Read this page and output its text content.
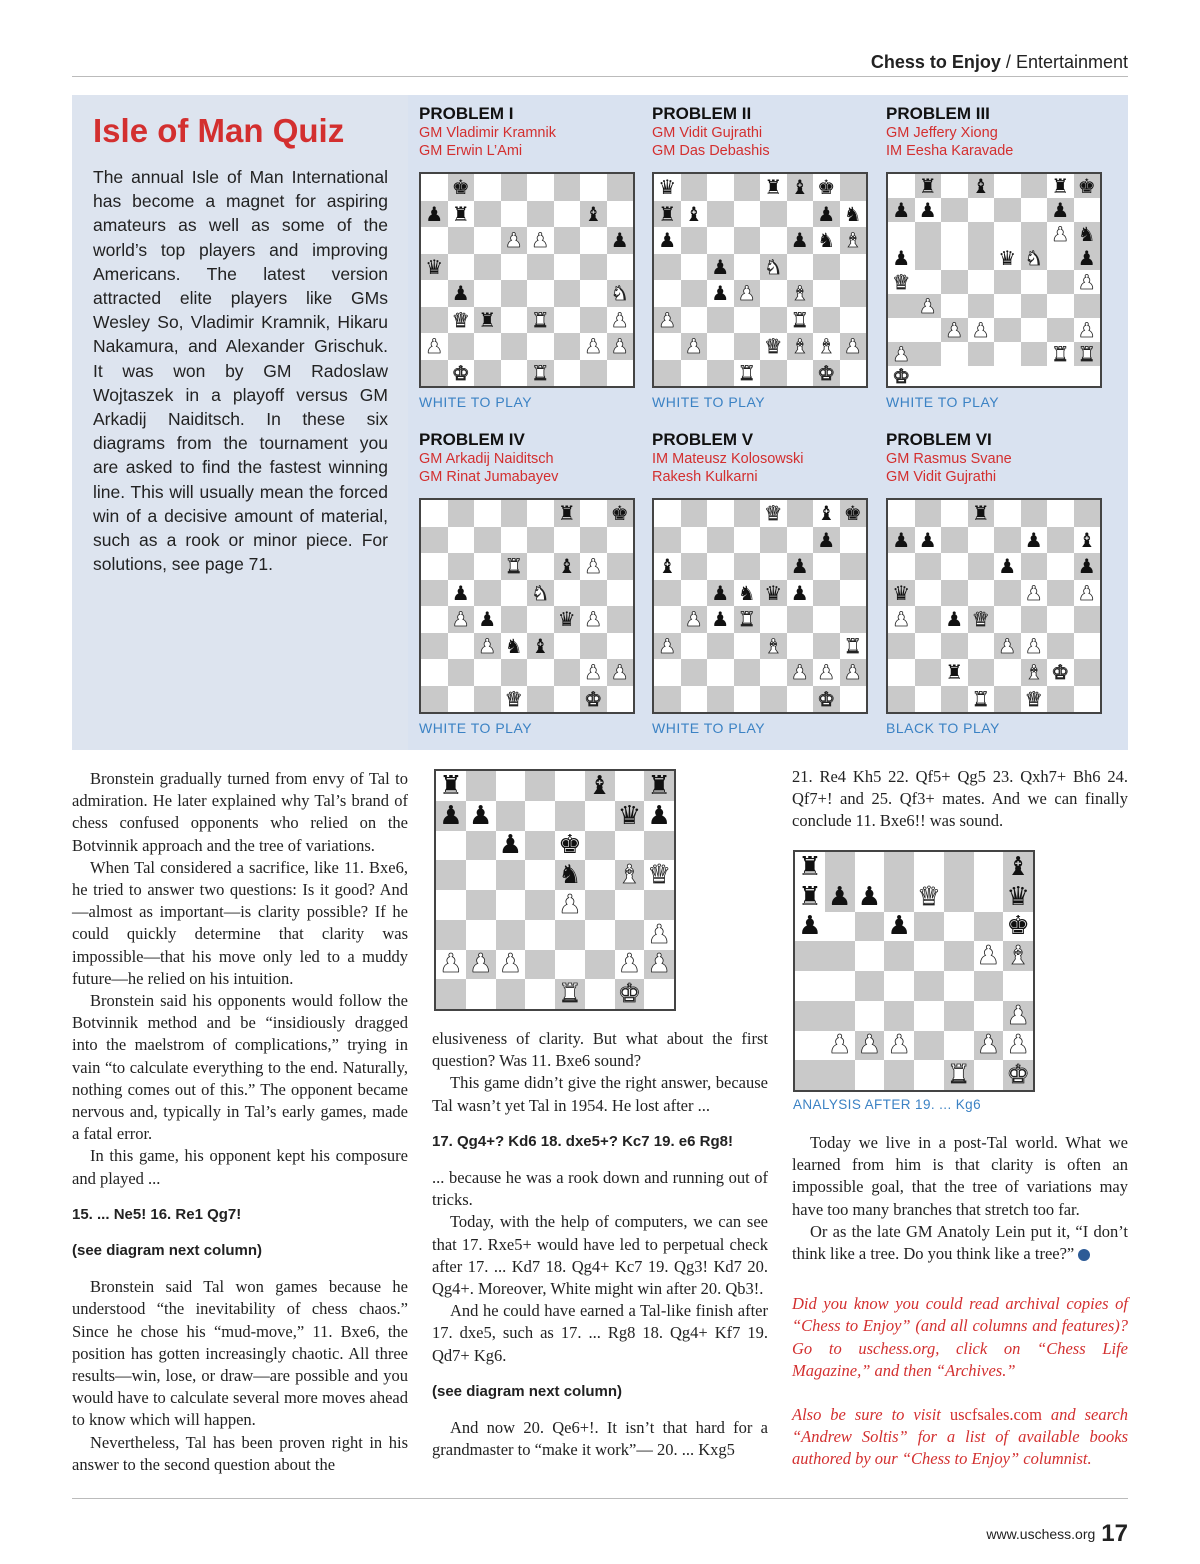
Chess to Enjoy / Entertainment
Isle of Man Quiz

The annual Isle of Man International has become a magnet for aspiring amateurs as well as some of the world’s top players and improving Americans. The latest version attracted elite players like GMs Wesley So, Vladimir Kramnik, Hikaru Nakamura, and Alexander Grischuk. It was won by GM Radoslaw Wojtaszek in a playoff versus GM Arkadij Naiditsch. In these six diagrams from the tournament you are asked to find the fastest winning line. This will usually mean the forced win of a decisive amount of material, such as a rook or minor piece. For solutions, see page 71.

PROBLEM I
GM Vladimir Kramnik
GM Erwin L’Ami
♚
♟ ♜	♝
♟ ♟	♟
♛
♟	♞
♛ ♜ ♜	♟
♟	♟ ♟
♚	♜
WHITE TO PLAY
PROBLEM II
GM Vidit Gujrathi
GM Das Debashis
♛	♜ ♝ ♚
♜ ♝	♟ ♞
♟	♟ ♞ ♝
♟ ♞
♟ ♟ ♝
♟	♜
♟	♛ ♝ ♝ ♟
♜	♚
WHITE TO PLAY
PROBLEM III
GM Jeffery Xiong
IM Eesha Karavade
♜ ♝	♜ ♚
♟ ♟	♟
♟ ♞
♟	♛ ♞ ♟
♛	♟
♟
♟ ♟	♟
♟	♜ ♜
♚
WHITE TO PLAY
PROBLEM IV
GM Arkadij Naiditsch
GM Rinat Jumabayev
♜ ♚
♜ ♝ ♟
♟	♞
♟ ♟	♛ ♟
♟ ♞ ♝
♟ ♟
♛	♚
WHITE TO PLAY
PROBLEM V
IM Mateusz Kolosowski
Rakesh Kulkarni
♛ ♝ ♚
♟
♝	♟
♟ ♞ ♛ ♟
♟ ♟ ♜
♟	♝	♜
♟ ♟ ♟
♚
WHITE TO PLAY
PROBLEM VI
GM Rasmus Svane
GM Vidit Gujrathi
♜
♟ ♟	♟ ♝
♟	♟
♛	♟ ♟
♟ ♟ ♛
♟ ♟
♜	♝ ♚
♜ ♛
BLACK TO PLAY

Bronstein gradually turned from envy of Tal to admiration. He later explained why Tal’s brand of chess confused opponents who relied on the Botvinnik approach and the tree of variations.

When Tal considered a sacrifice, like 11. Bxe6, he tried to answer two questions: Is it good? And—almost as important—is clarity possible? If he could quickly determine that clarity was impossible—that his move only led to a muddy future—he relied on his intuition.

Bronstein said his opponents would follow the Botvinnik method and be “insidiously dragged into the maelstrom of complications,” trying in vain “to calculate everything to the end. Naturally, nothing comes out of this.” The opponent became nervous and, typically in Tal’s early games, made a fatal error.

In this game, his opponent kept his composure and played ...

15. ... Ne5! 16. Re1 Qg7!

(see diagram next column)

Bronstein said Tal won games because he understood “the inevitability of chess chaos.” Since he chose his “mud-move,” 11. Bxe6, the position has gotten increasingly chaotic. All three results—win, lose, or draw—are possible and you would have to calculate several more moves ahead to know which will happen.

Nevertheless, Tal has been proven right in his answer to the second question about the

♜	♝ ♜
♟ ♟	♛ ♟
♟ ♚
♞ ♝ ♛
♟
♟
♟ ♟ ♟	♟ ♟
♜ ♚

elusiveness of clarity. But what about the first question? Was 11. Bxe6 sound?

This game didn’t give the right answer, because Tal wasn’t yet Tal in 1954. He lost after ...

17. Qg4+? Kd6 18. dxe5+? Kc7 19. e6 Rg8!

... because he was a rook down and running out of tricks.

Today, with the help of computers, we can see that 17. Rxe5+ would have led to perpetual check after 17. ... Kd7 18. Qg4+ Kc7 19. Qg3! Kd7 20. Qg4+. Moreover, White might win after 20. Qb3!.

And he could have earned a Tal-like finish after 17. dxe5, such as 17. ... Rg8 18. Qg4+ Kf7 19. Qd7+ Kg6.

(see diagram next column)

And now 20. Qe6+!. It isn’t that hard for a grandmaster to “make it work”— 20. ... Kxg5

21. Re4 Kh5 22. Qf5+ Qg5 23. Qxh7+ Bh6 24. Qf7+! and 25. Qf3+ mates. And we can finally conclude 11. Bxe6!! was sound.

♜	♝
♜ ♟ ♟ ♛	♛
♟	♟	♚
♟ ♝
♟
♟ ♟ ♟	♟ ♟
♜ ♚
ANALYSIS AFTER 19. ... Kg6

Today we live in a post-Tal world. What we learned from him is that clarity is often an impossible goal, that the tree of variations may have too many branches that stretch too far.

Or as the late GM Anatoly Lein put it, “I don’t think like a tree. Do you think like a tree?”

Did you know you could read archival copies of “Chess to Enjoy” (and all columns and features)? Go to uschess.org, click on “Chess Life Magazine,” and then “Archives.”

Also be sure to visit uscfsales.com and search “Andrew Soltis” for a list of available books authored by our “Chess to Enjoy” columnist.

www.uschess.org 17
